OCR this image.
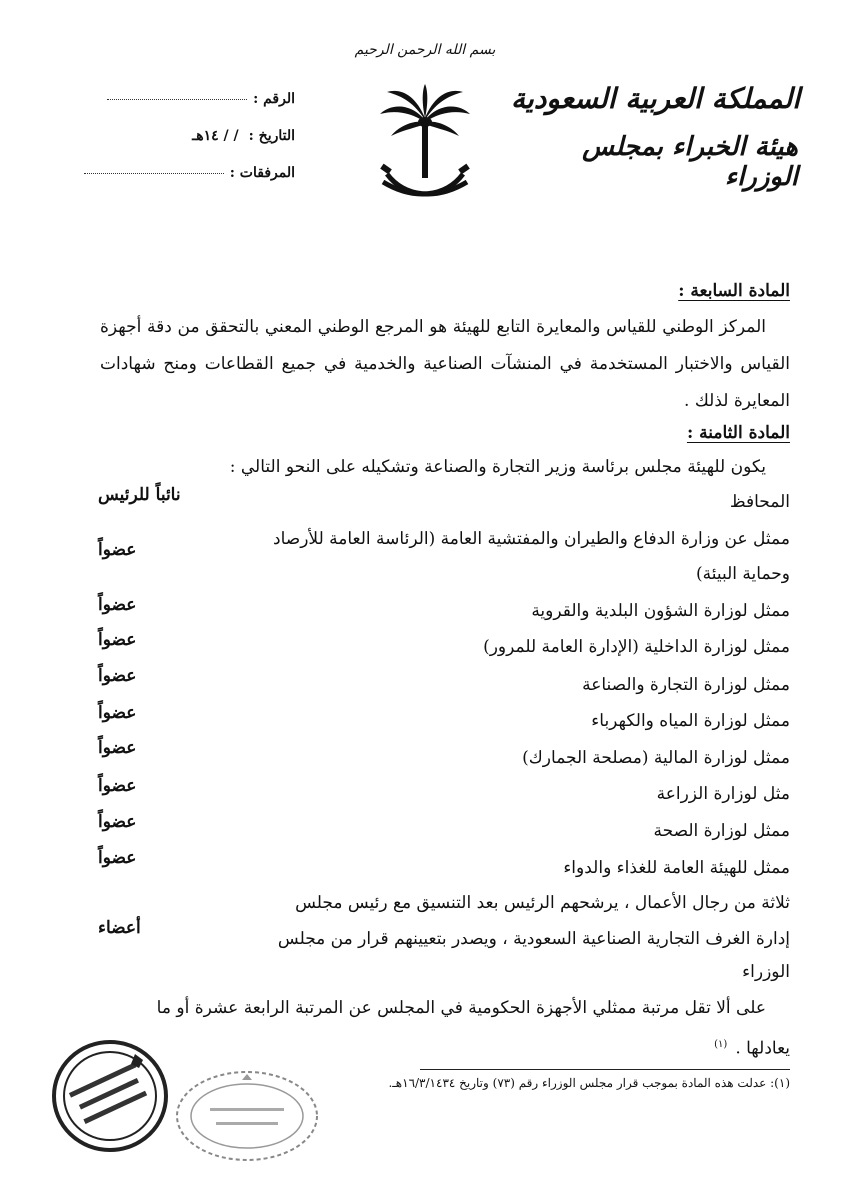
بسم الله الرحمن الرحيم
المملكة العربية السعودية
هيئة الخبراء بمجلس الوزراء
الرقم :
التاريخ :/ / ١٤هـ
المرفقات :
المادة السابعة :
المركز الوطني للقياس والمعايرة التابع للهيئة هو المرجع الوطني المعني بالتحقق من دقة أجهزة القياس والاختبار المستخدمة في المنشآت الصناعية والخدمية في جميع القطاعات ومنح شهادات المعايرة لذلك .
المادة الثامنة :
يكون للهيئة مجلس برئاسة وزير التجارة والصناعة وتشكيله على النحو التالي :
المحافظ
نائباً للرئيس
ممثل عن وزارة الدفاع والطيران والمفتشية العامة (الرئاسة العامة للأرصاد
عضواً
وحماية البيئة)
ممثل لوزارة الشؤون البلدية والقروية
عضواً
ممثل لوزارة الداخلية (الإدارة العامة للمرور)
عضواً
ممثل لوزارة التجارة والصناعة
عضواً
ممثل لوزارة المياه والكهرباء
عضواً
ممثل لوزارة المالية (مصلحة الجمارك)
عضواً
مثل لوزارة الزراعة
عضواً
ممثل لوزارة الصحة
عضواً
ممثل للهيئة العامة للغذاء والدواء
عضواً
ثلاثة من رجال الأعمال ، يرشحهم الرئيس بعد التنسيق مع رئيس مجلس
إدارة الغرف التجارية الصناعية السعودية ، ويصدر بتعيينهم قرار من مجلس
أعضاء
الوزراء
على ألا تقل مرتبة ممثلي الأجهزة الحكومية في المجلس عن المرتبة الرابعة عشرة أو ما
يعادلها .$^{(١)}$
(١): عدلت هذه المادة بموجب قرار مجلس الوزراء رقم (٧٣) وتاريخ ١٦/٣/١٤٣٤هـ.
